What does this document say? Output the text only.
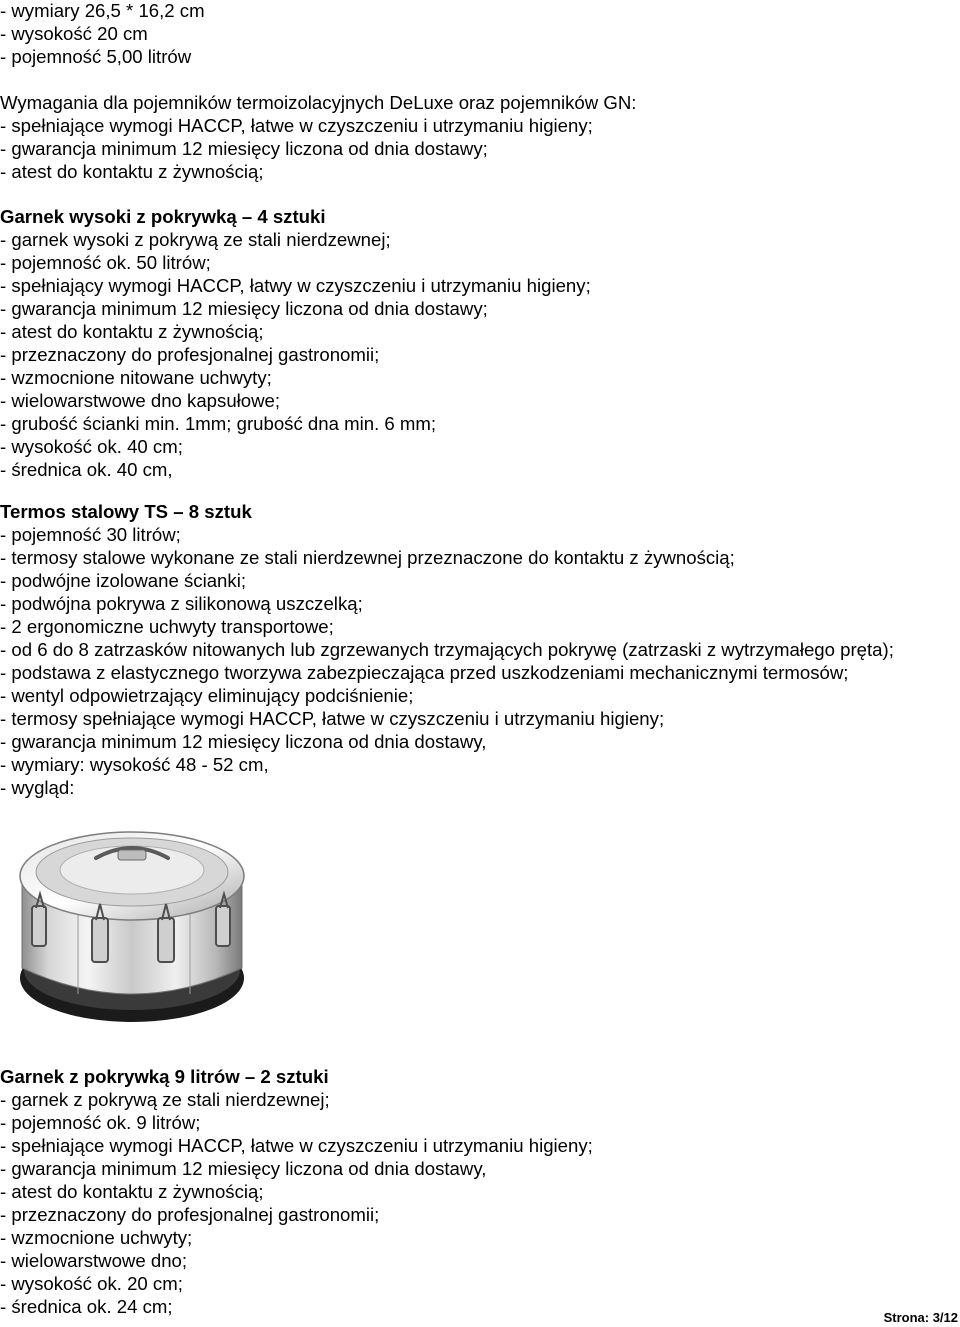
- wymiary 26,5 * 16,2 cm
- wysokość 20 cm
- pojemność 5,00 litrów
Wymagania dla pojemników termoizolacyjnych DeLuxe oraz pojemników GN:
- spełniające wymogi HACCP, łatwe w czyszczeniu i utrzymaniu higieny;
- gwarancja minimum 12 miesięcy liczona od dnia dostawy;
- atest do kontaktu z żywnością;
Garnek wysoki z pokrywką – 4 sztuki
- garnek wysoki z pokrywą ze stali nierdzewnej;
- pojemność ok. 50 litrów;
- spełniający wymogi HACCP, łatwy w czyszczeniu i utrzymaniu higieny;
- gwarancja minimum 12 miesięcy liczona od dnia dostawy;
- atest do kontaktu z żywnością;
- przeznaczony do profesjonalnej gastronomii;
- wzmocnione nitowane uchwyty;
- wielowarstwowe dno kapsułowe;
- grubość ścianki min. 1mm; grubość dna min. 6 mm;
- wysokość ok. 40 cm;
- średnica ok. 40 cm,
Termos stalowy TS – 8 sztuk
- pojemność 30 litrów;
- termosy stalowe wykonane ze stali nierdzewnej przeznaczone do kontaktu z żywnością;
- podwójne izolowane ścianki;
- podwójna pokrywa z silikonową uszczelką;
- 2 ergonomiczne uchwyty transportowe;
- od 6 do 8 zatrzasków nitowanych lub zgrzewanych trzymających pokrywę (zatrzaski z wytrzymałego pręta);
- podstawa z elastycznego tworzywa zabezpieczająca przed uszkodzeniami mechanicznymi termosów;
- wentyl odpowietrzający eliminujący podciśnienie;
- termosy spełniające wymogi HACCP, łatwe w czyszczeniu i utrzymaniu higieny;
- gwarancja minimum 12 miesięcy liczona od dnia dostawy,
- wymiary: wysokość 48 - 52 cm,
- wygląd:
Garnek z pokrywką 9 litrów – 2 sztuki
- garnek z pokrywą ze stali nierdzewnej;
- pojemność ok. 9 litrów;
- spełniające wymogi HACCP, łatwe w czyszczeniu i utrzymaniu higieny;
- gwarancja minimum 12 miesięcy liczona od dnia dostawy,
- atest do kontaktu z żywnością;
- przeznaczony do profesjonalnej gastronomii;
- wzmocnione uchwyty;
- wielowarstwowe dno;
- wysokość ok. 20 cm;
- średnica ok. 24 cm;
Strona: 3/12
